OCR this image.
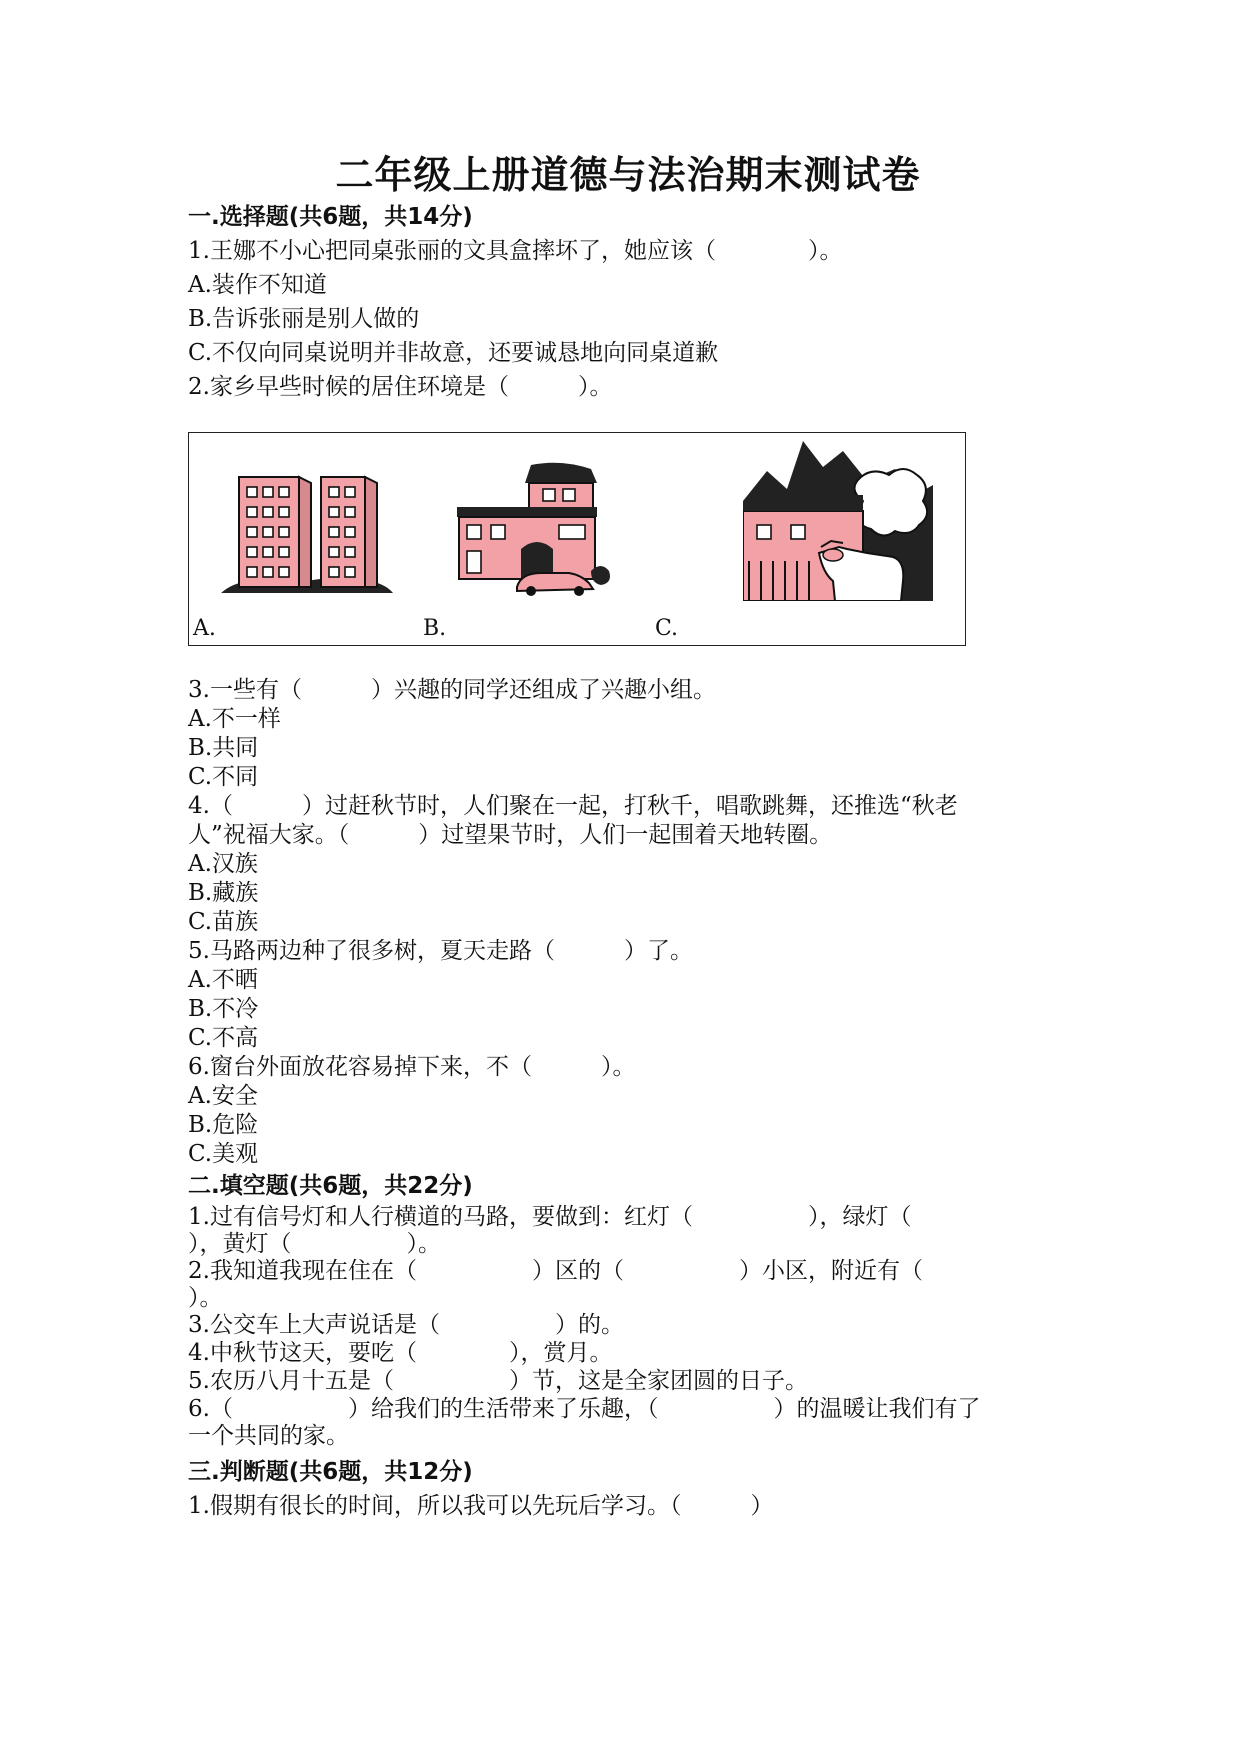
二年级上册道德与法治期末测试卷
一.选择题(共6题，共14分)
1.王娜不小心把同桌张丽的文具盒摔坏了，她应该（　　　　）。
A.装作不知道
B.告诉张丽是别人做的
C.不仅向同桌说明并非故意，还要诚恳地向同桌道歉
2.家乡早些时候的居住环境是（　　　）。
A.	B.	C.
3.一些有（　　　）兴趣的同学还组成了兴趣小组。
A.不一样
B.共同
C.不同
4.（　　　）过赶秋节时，人们聚在一起，打秋千，唱歌跳舞，还推选“秋老
人”祝福大家。（　　　）过望果节时，人们一起围着天地转圈。
A.汉族
B.藏族
C.苗族
5.马路两边种了很多树，夏天走路（　　　）了。
A.不晒
B.不冷
C.不高
6.窗台外面放花容易掉下来，不（　　　）。
A.安全
B.危险
C.美观
二.填空题(共6题，共22分)
1.过有信号灯和人行横道的马路，要做到：红灯（　　　　　），绿灯（
），黄灯（　　　　　）。
2.我知道我现在住在（　　　　　）区的（　　　　　）小区，附近有（
）。
3.公交车上大声说话是（　　　　　）的。
4.中秋节这天，要吃（　　　　），赏月。
5.农历八月十五是（　　　　　）节，这是全家团圆的日子。
6.（　　　　　）给我们的生活带来了乐趣，（　　　　　）的温暖让我们有了
一个共同的家。
三.判断题(共6题，共12分)
1.假期有很长的时间，所以我可以先玩后学习。（　　　）
